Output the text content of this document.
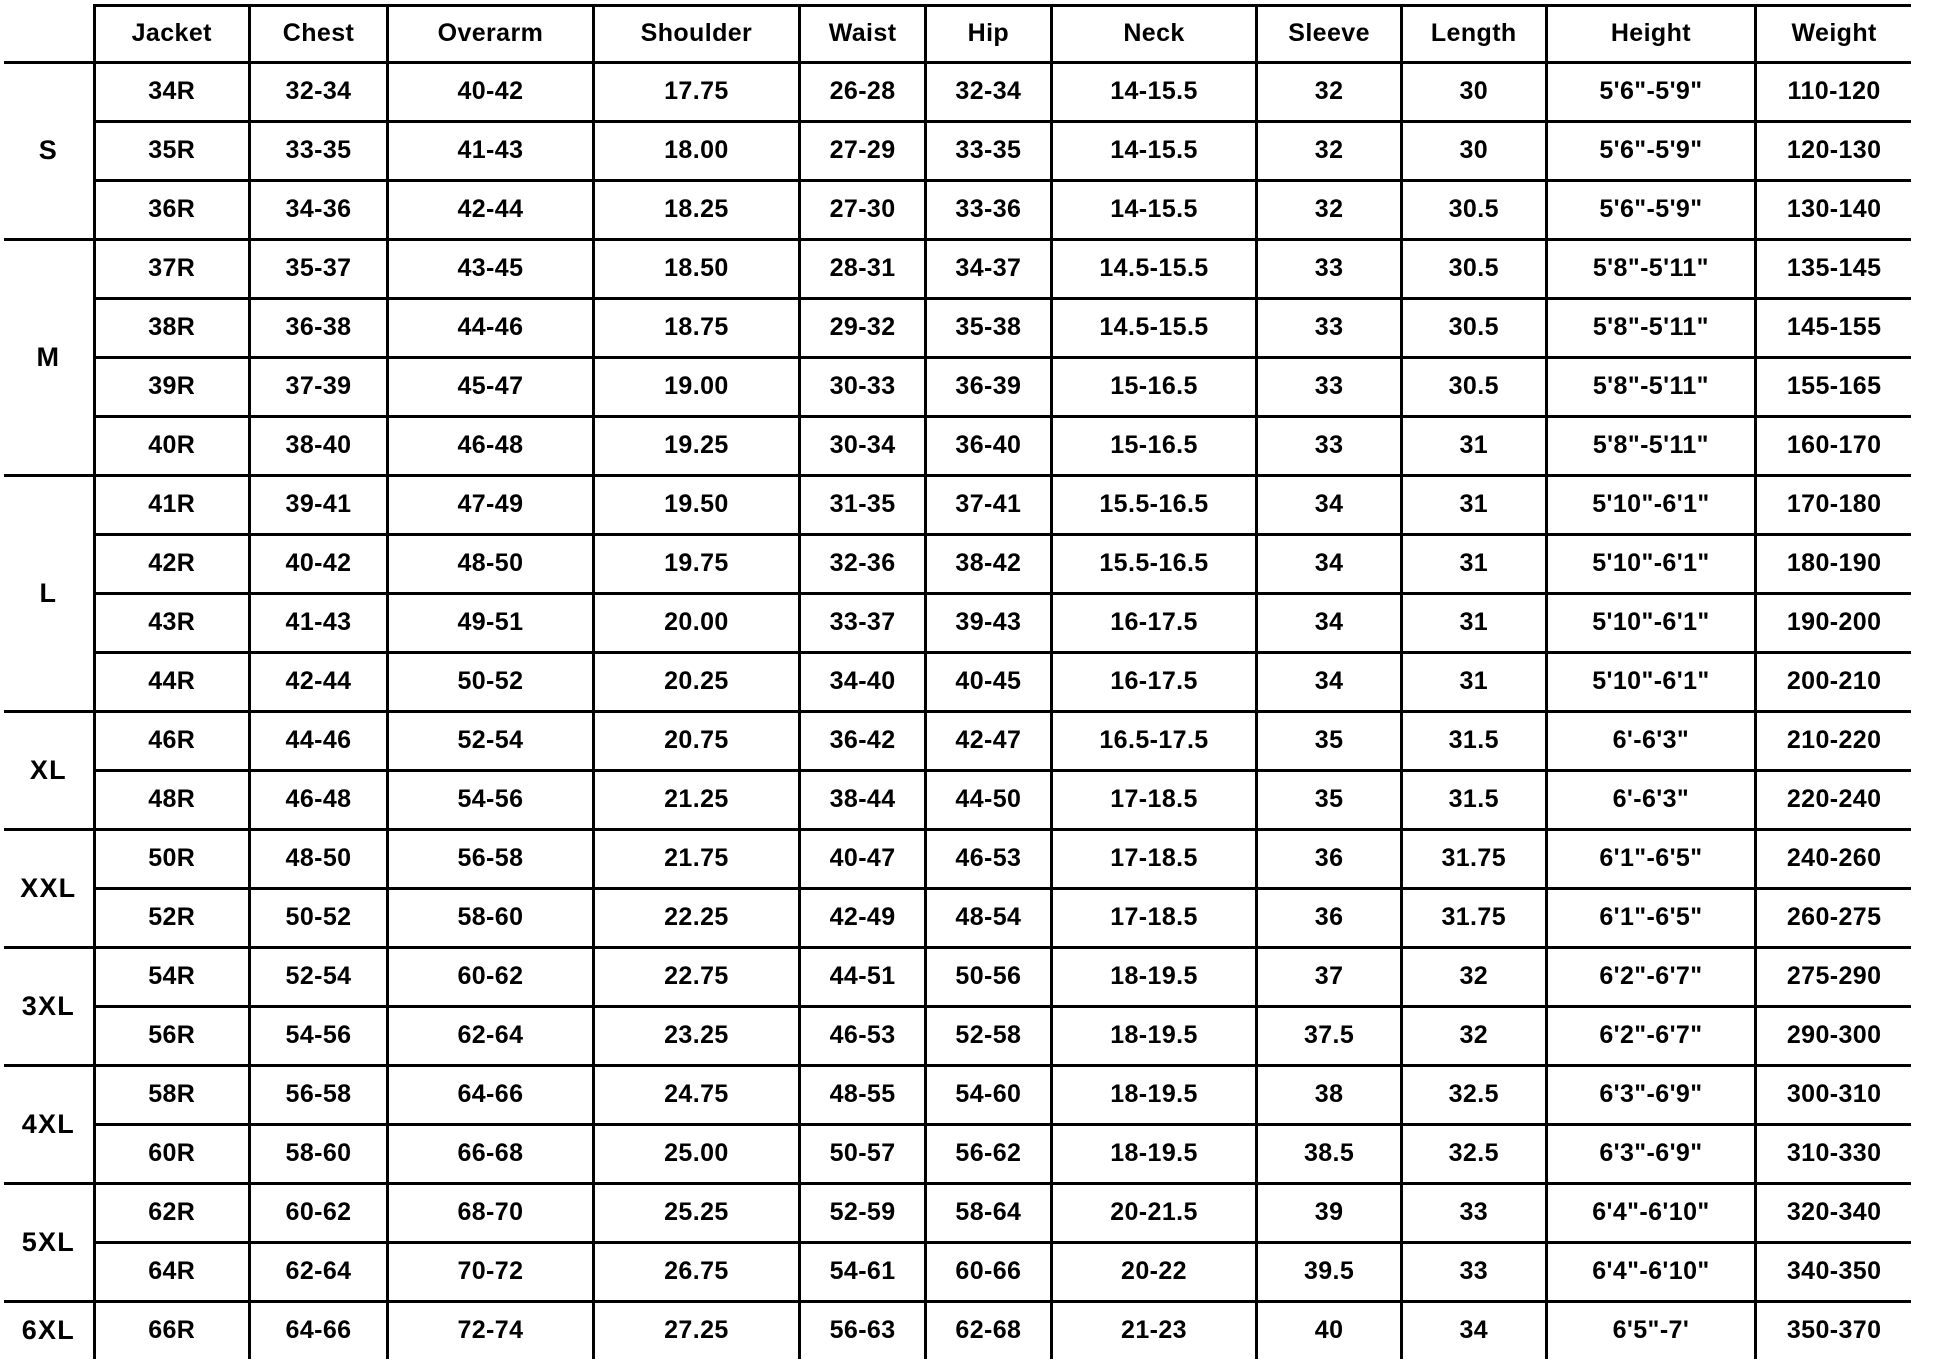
	Jacket	Chest	Overarm	Shoulder	Waist	Hip	Neck	Sleeve	Length	Height	Weight
S	34R	32-34	40-42	17.75	26-28	32-34	14-15.5	32	30	5'6"-5'9"	110-120
	35R	33-35	41-43	18.00	27-29	33-35	14-15.5	32	30	5'6"-5'9"	120-130
	36R	34-36	42-44	18.25	27-30	33-36	14-15.5	32	30.5	5'6"-5'9"	130-140
M	37R	35-37	43-45	18.50	28-31	34-37	14.5-15.5	33	30.5	5'8"-5'11"	135-145
	38R	36-38	44-46	18.75	29-32	35-38	14.5-15.5	33	30.5	5'8"-5'11"	145-155
	39R	37-39	45-47	19.00	30-33	36-39	15-16.5	33	30.5	5'8"-5'11"	155-165
	40R	38-40	46-48	19.25	30-34	36-40	15-16.5	33	31	5'8"-5'11"	160-170
L	41R	39-41	47-49	19.50	31-35	37-41	15.5-16.5	34	31	5'10"-6'1"	170-180
	42R	40-42	48-50	19.75	32-36	38-42	15.5-16.5	34	31	5'10"-6'1"	180-190
	43R	41-43	49-51	20.00	33-37	39-43	16-17.5	34	31	5'10"-6'1"	190-200
	44R	42-44	50-52	20.25	34-40	40-45	16-17.5	34	31	5'10"-6'1"	200-210
XL	46R	44-46	52-54	20.75	36-42	42-47	16.5-17.5	35	31.5	6'-6'3"	210-220
	48R	46-48	54-56	21.25	38-44	44-50	17-18.5	35	31.5	6'-6'3"	220-240
XXL	50R	48-50	56-58	21.75	40-47	46-53	17-18.5	36	31.75	6'1"-6'5"	240-260
	52R	50-52	58-60	22.25	42-49	48-54	17-18.5	36	31.75	6'1"-6'5"	260-275
3XL	54R	52-54	60-62	22.75	44-51	50-56	18-19.5	37	32	6'2"-6'7"	275-290
	56R	54-56	62-64	23.25	46-53	52-58	18-19.5	37.5	32	6'2"-6'7"	290-300
4XL	58R	56-58	64-66	24.75	48-55	54-60	18-19.5	38	32.5	6'3"-6'9"	300-310
	60R	58-60	66-68	25.00	50-57	56-62	18-19.5	38.5	32.5	6'3"-6'9"	310-330
5XL	62R	60-62	68-70	25.25	52-59	58-64	20-21.5	39	33	6'4"-6'10"	320-340
	64R	62-64	70-72	26.75	54-61	60-66	20-22	39.5	33	6'4"-6'10"	340-350
6XL	66R	64-66	72-74	27.25	56-63	62-68	21-23	40	34	6'5"-7'	350-370
